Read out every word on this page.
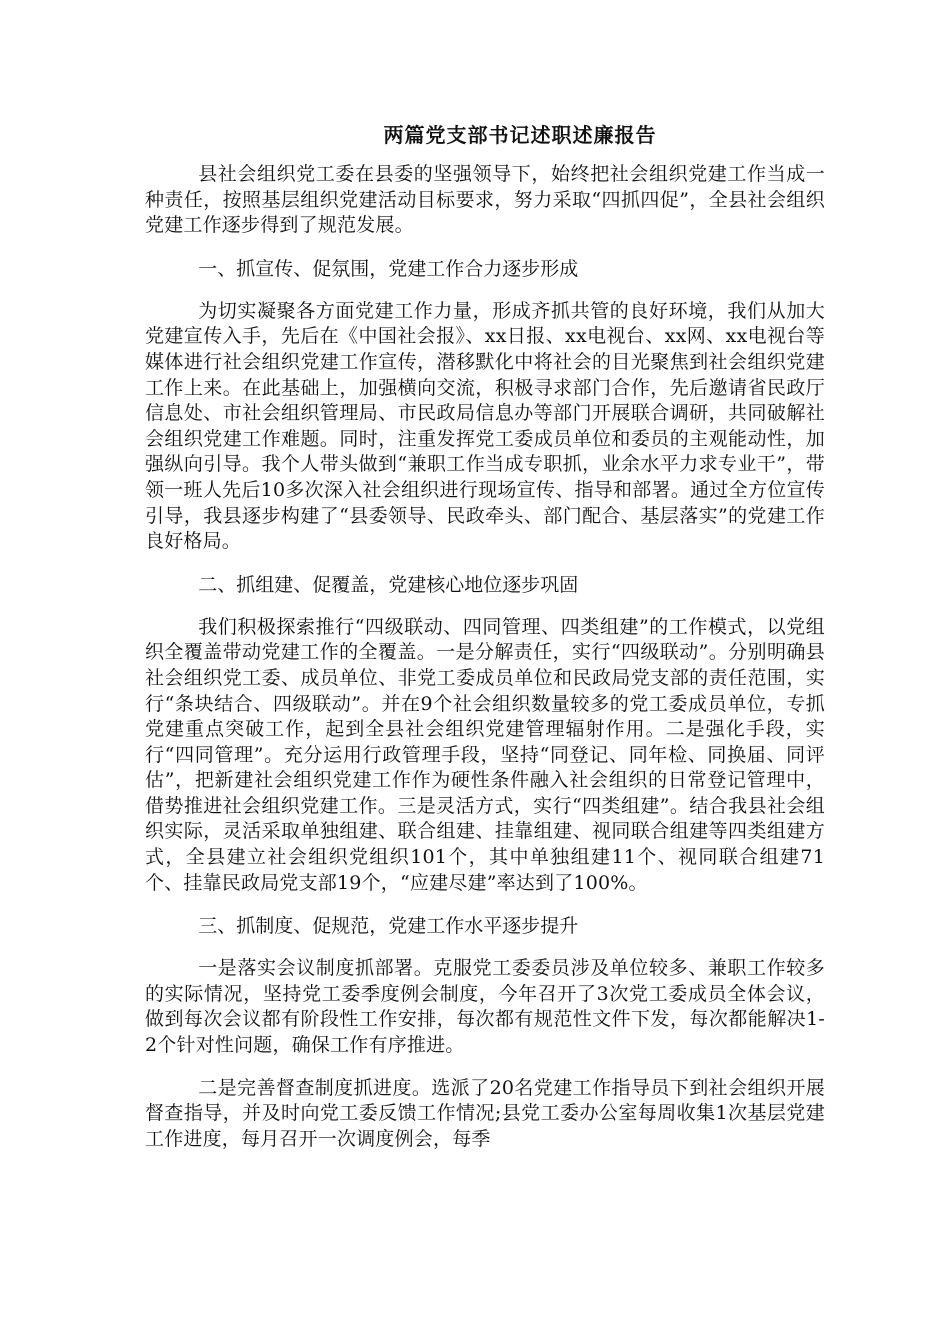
两篇党支部书记述职述廉报告

县社会组织党工委在县委的坚强领导下，始终把社会组织党建工作当成一种责任，按照基层组织党建活动目标要求，努力采取“四抓四促”，全县社会组织党建工作逐步得到了规范发展。

一、抓宣传、促氛围，党建工作合力逐步形成

为切实凝聚各方面党建工作力量，形成齐抓共管的良好环境，我们从加大党建宣传入手，先后在《中国社会报》、xx日报、xx电视台、xx网、xx电视台等媒体进行社会组织党建工作宣传，潜移默化中将社会的目光聚焦到社会组织党建工作上来。在此基础上，加强横向交流，积极寻求部门合作，先后邀请省民政厅信息处、市社会组织管理局、市民政局信息办等部门开展联合调研，共同破解社会组织党建工作难题。同时，注重发挥党工委成员单位和委员的主观能动性，加强纵向引导。我个人带头做到“兼职工作当成专职抓，业余水平力求专业干”，带领一班人先后10多次深入社会组织进行现场宣传、指导和部署。通过全方位宣传引导，我县逐步构建了“县委领导、民政牵头、部门配合、基层落实”的党建工作良好格局。

二、抓组建、促覆盖，党建核心地位逐步巩固

我们积极探索推行“四级联动、四同管理、四类组建”的工作模式，以党组织全覆盖带动党建工作的全覆盖。一是分解责任，实行“四级联动”。分别明确县社会组织党工委、成员单位、非党工委成员单位和民政局党支部的责任范围，实行“条块结合、四级联动”。并在9个社会组织数量较多的党工委成员单位，专抓党建重点突破工作，起到全县社会组织党建管理辐射作用。二是强化手段，实行“四同管理”。充分运用行政管理手段，坚持“同登记、同年检、同换届、同评估”，把新建社会组织党建工作作为硬性条件融入社会组织的日常登记管理中，借势推进社会组织党建工作。三是灵活方式，实行“四类组建”。结合我县社会组织实际，灵活采取单独组建、联合组建、挂靠组建、视同联合组建等四类组建方式，全县建立社会组织党组织101个，其中单独组建11个、视同联合组建71个、挂靠民政局党支部19个，“应建尽建”率达到了100%。

三、抓制度、促规范，党建工作水平逐步提升

一是落实会议制度抓部署。克服党工委委员涉及单位较多、兼职工作较多的实际情况，坚持党工委季度例会制度，今年召开了3次党工委成员全体会议，做到每次会议都有阶段性工作安排，每次都有规范性文件下发，每次都能解决1-2个针对性问题，确保工作有序推进。

二是完善督查制度抓进度。选派了20名党建工作指导员下到社会组织开展督查指导，并及时向党工委反馈工作情况;县党工委办公室每周收集1次基层党建工作进度，每月召开一次调度例会，每季
